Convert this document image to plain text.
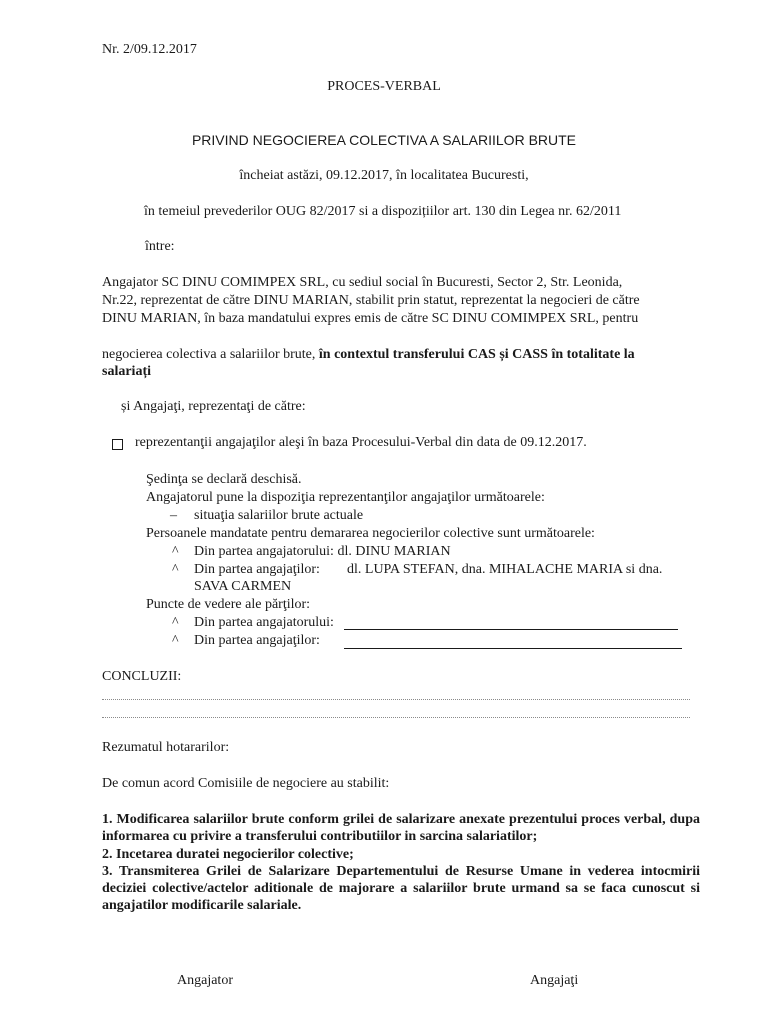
Nr. 2/09.12.2017
PROCES-VERBAL
PRIVIND NEGOCIEREA COLECTIVA A SALARIILOR BRUTE
încheiat astăzi, 09.12.2017, în localitatea Bucuresti,
în temeiul prevederilor OUG 82/2017 si a dispozițiilor art. 130 din Legea nr. 62/2011
între:
Angajator SC DINU COMIMPEX SRL, cu sediul social în Bucuresti, Sector 2, Str. Leonida,
Nr.22, reprezentat de către DINU MARIAN, stabilit prin statut, reprezentat la negocieri de către
DINU MARIAN, în baza mandatului expres emis de către SC DINU COMIMPEX SRL, pentru
negocierea colectiva a salariilor brute, în contextul transferului CAS și CASS în totalitate la
salariați
și Angajaţi, reprezentaţi de către:
reprezentanţii angajaţilor aleşi în baza Procesului-Verbal din data de 09.12.2017.
Şedinţa se declară deschisă.
Angajatorul pune la dispoziţia reprezentanţilor angajaţilor următoarele:
– situaţia salariilor brute actuale
Persoanele mandatate pentru demararea negocierilor colective sunt următoarele:
^ Din partea angajatorului: dl. DINU MARIAN
^ Din partea angajaţilor: dl. LUPA STEFAN, dna. MIHALACHE MARIA si dna.
SAVA CARMEN
Puncte de vedere ale părţilor:
^ Din partea angajatorului:
^ Din partea angajaţilor:
CONCLUZII:
Rezumatul hotararilor:
De comun acord Comisiile de negociere au stabilit:
1. Modificarea salariilor brute conform grilei de salarizare anexate prezentului proces verbal, dupa informarea cu privire a transferului contributiilor in sarcina salariatilor;
2. Incetarea duratei negocierilor colective;
3. Transmiterea Grilei de Salarizare Departementului de Resurse Umane in vederea intocmirii deciziei colective/actelor aditionale de majorare a salariilor brute urmand sa se faca cunoscut si angajatilor modificarile salariale.
Angajator	Angajaţi
